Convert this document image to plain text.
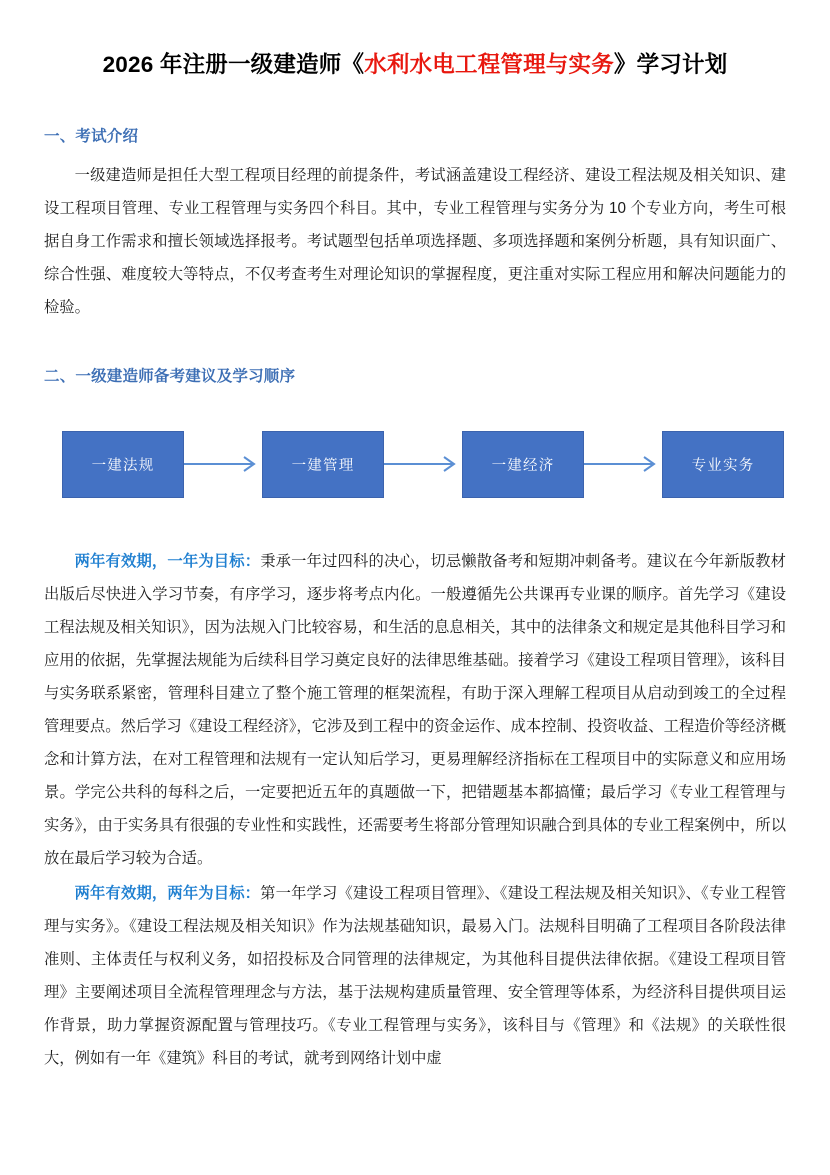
2026 年注册一级建造师《水利水电工程管理与实务》学习计划
一、考试介绍

一级建造师是担任大型工程项目经理的前提条件，考试涵盖建设工程经济、建设工程法规及相关知识、建设工程项目管理、专业工程管理与实务四个科目。其中，专业工程管理与实务分为 10 个专业方向，考生可根据自身工作需求和擅长领域选择报考。考试题型包括单项选择题、多项选择题和案例分析题，具有知识面广、综合性强、难度较大等特点，不仅考查考生对理论知识的掌握程度，更注重对实际工程应用和解决问题能力的检验。

二、一级建造师备考建议及学习顺序
一建法规	一建管理	一建经济	专业实务

两年有效期，一年为目标：秉承一年过四科的决心，切忌懒散备考和短期冲刺备考。建议在今年新版教材出版后尽快进入学习节奏，有序学习，逐步将考点内化。一般遵循先公共课再专业课的顺序。首先学习《建设工程法规及相关知识》，因为法规入门比较容易，和生活的息息相关，其中的法律条文和规定是其他科目学习和应用的依据，先掌握法规能为后续科目学习奠定良好的法律思维基础。接着学习《建设工程项目管理》，该科目与实务联系紧密，管理科目建立了整个施工管理的框架流程，有助于深入理解工程项目从启动到竣工的全过程管理要点。然后学习《建设工程经济》，它涉及到工程中的资金运作、成本控制、投资收益、工程造价等经济概念和计算方法，在对工程管理和法规有一定认知后学习，更易理解经济指标在工程项目中的实际意义和应用场景。学完公共科的每科之后，一定要把近五年的真题做一下，把错题基本都搞懂；最后学习《专业工程管理与实务》，由于实务具有很强的专业性和实践性，还需要考生将部分管理知识融合到具体的专业工程案例中，所以放在最后学习较为合适。

两年有效期，两年为目标：第一年学习《建设工程项目管理》、《建设工程法规及相关知识》、《专业工程管理与实务》。《建设工程法规及相关知识》作为法规基础知识，最易入门。法规科目明确了工程项目各阶段法律准则、主体责任与权利义务，如招投标及合同管理的法律规定，为其他科目提供法律依据。《建设工程项目管理》主要阐述项目全流程管理理念与方法，基于法规构建质量管理、安全管理等体系，为经济科目提供项目运作背景，助力掌握资源配置与管理技巧。《专业工程管理与实务》，该科目与《管理》和《法规》的关联性很大，例如有一年《建筑》科目的考试，就考到网络计划中虚
